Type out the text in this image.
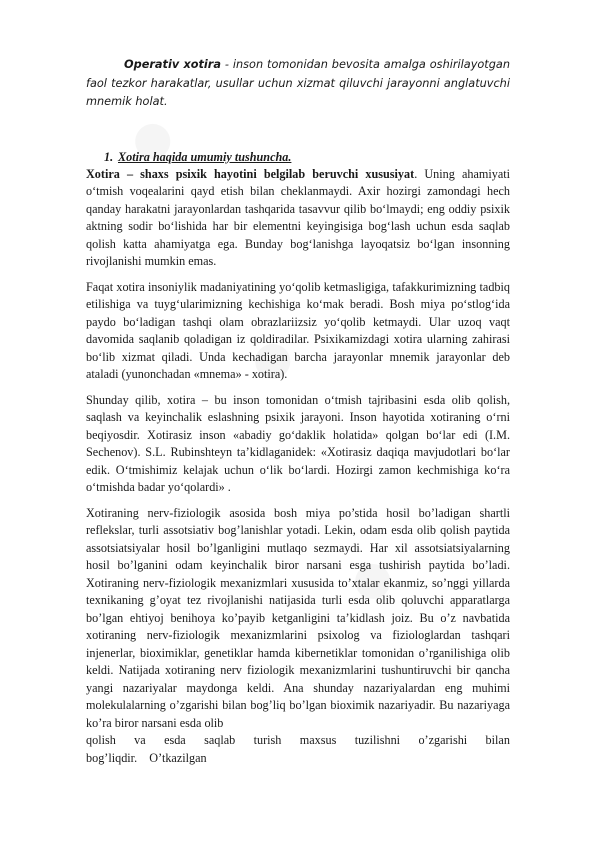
Operativ xotira - inson tomonidan bevosita amalga oshirilayotgan faol tezkor harakatlar, usullar uchun xizmat qiluvchi jarayonni anglatuvchi mnemik holat.

1. Xotira haqida umumiy tushuncha.

Xotira – shaxs psixik hayotini belgilab beruvchi xususiyat. Uning ahamiyati o‘tmish voqealarini qayd etish bilan cheklanmaydi. Axir hozirgi zamondagi hech qanday harakatni jarayonlardan tashqarida tasavvur qilib bo‘lmaydi; eng oddiy psixik aktning sodir bo‘lishida har bir elementni keyingisiga bog‘lash uchun esda saqlab qolish katta ahamiyatga ega. Bunday bog‘lanishga layoqatsiz bo‘lgan insonning rivojlanishi mumkin emas.

Faqat xotira insoniylik madaniyatining yo‘qolib ketmasligiga, tafakkurimizning tadbiq etilishiga va tuyg‘ularimizning kechishiga ko‘mak beradi. Bosh miya po‘stlog‘ida paydo bo‘ladigan tashqi olam obrazlariizsiz yo‘qolib ketmaydi. Ular uzoq vaqt davomida saqlanib qoladigan iz qoldiradilar. Psixikamizdagi xotira ularning zahirasi bo‘lib xizmat qiladi. Unda kechadigan barcha jarayonlar mnemik jarayonlar deb ataladi (yunonchadan «mnema» - xotira).

Shunday qilib, xotira – bu inson tomonidan o‘tmish tajribasini esda olib qolish, saqlash va keyinchalik eslashning psixik jarayoni. Inson hayotida xotiraning o‘rni beqiyosdir. Xotirasiz inson «abadiy go‘daklik holatida» qolgan bo‘lar edi (I.M. Sechenov). S.L. Rubinshteyn ta’kidlaganidek: «Xotirasiz daqiqa mavjudotlari bo‘lar edik. O‘tmishimiz kelajak uchun o‘lik bo‘lardi. Hozirgi zamon kechmishiga ko‘ra o‘tmishda badar yo‘qolardi» .

Xotiraning nerv-fiziologik asosida bosh miya po’stida hosil bo’ladigan shartli reflekslar, turli assotsiativ bog’lanishlar yotadi. Lekin, odam esda olib qolish paytida assotsiatsiyalar hosil bo’lganligini mutlaqo sezmaydi. Har xil assotsiatsiyalarning hosil bo’lganini odam keyinchalik biror narsani esga tushirish paytida bo’ladi. Xotiraning nerv-fiziologik mexanizmlari xususida to’xtalar ekanmiz, so’nggi yillarda texnikaning g’oyat tez rivojlanishi natijasida turli esda olib qoluvchi apparatlarga bo’lgan ehtiyoj benihoya ko’payib ketganligini ta’kidlash joiz. Bu o’z navbatida xotiraning nerv-fiziologik mexanizmlarini psixolog va fiziologlardan tashqari injenerlar, bioximiklar, genetiklar hamda kibernetiklar tomonidan o’rganilishiga olib keldi. Natijada xotiraning nerv fiziologik mexanizmlarini tushuntiruvchi bir qancha yangi nazariyalar maydonga keldi. Ana shunday nazariyalardan eng muhimi molekulalarning o’zgarishi bilan bog’liq bo’lgan bioximik nazariyadir. Bu nazariyaga ko’ra biror narsani esda olib

qolish va esda saqlab turish maxsus tuzilishni o’zgarishi bilan

bog’liqdir.    O’tkazilgan
